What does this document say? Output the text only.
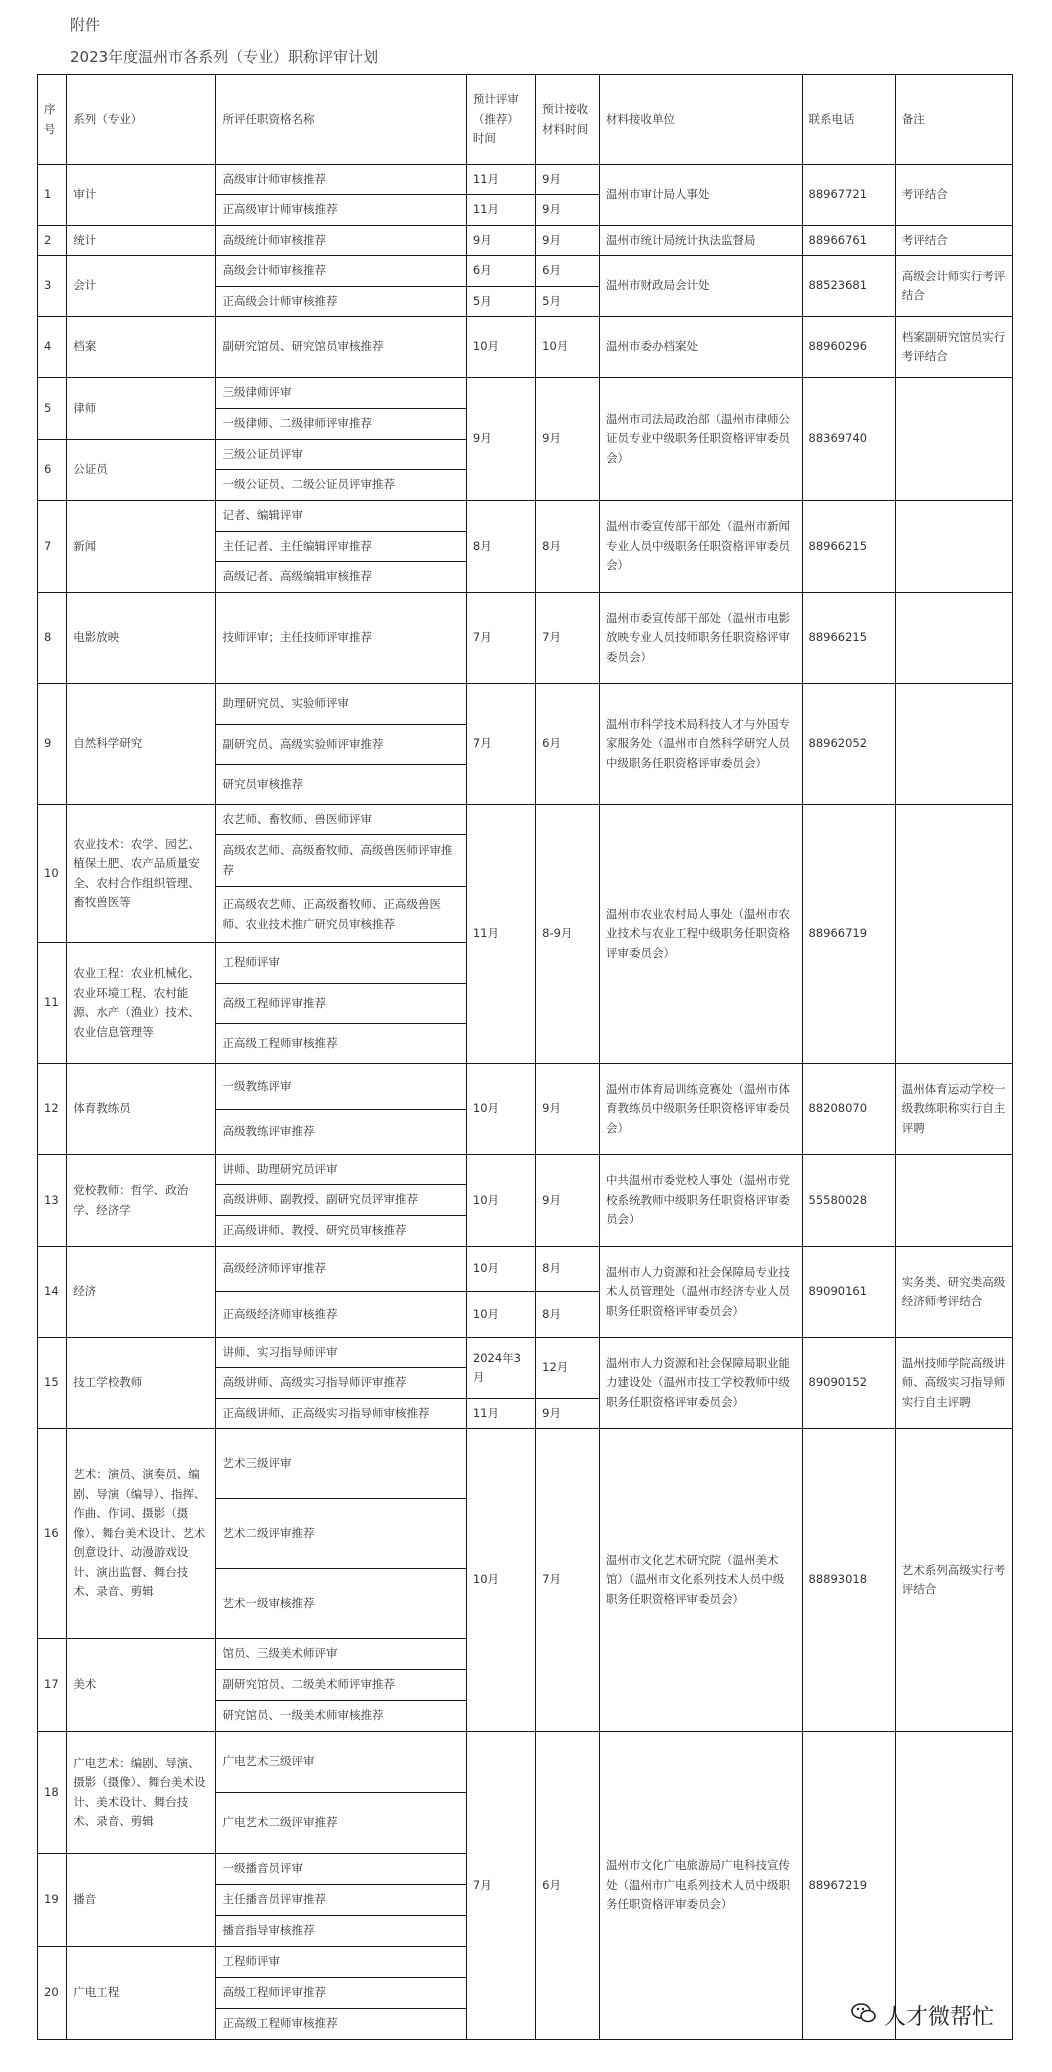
附件
2023年度温州市各系列（专业）职称评审计划
序号	系列（专业）	所评任职资格名称	预计评审（推荐）时间	预计接收材料时间	材料接收单位	联系电话	备注
1	审计	高级审计师审核推荐	11月	9月	温州市审计局人事处	88967721	考评结合
		正高级审计师审核推荐	11月	9月			
2	统计	高级统计师审核推荐	9月	9月	温州市统计局统计执法监督局	88966761	考评结合
3	会计	高级会计师审核推荐	6月	6月	温州市财政局会计处	88523681	高级会计师实行考评结合
		正高级会计师审核推荐	5月	5月			
4	档案	副研究馆员、研究馆员审核推荐	10月	10月	温州市委办档案处	88960296	档案副研究馆员实行考评结合
5	律师	三级律师评审	9月	9月	温州市司法局政治部（温州市律师公证员专业中级职务任职资格评审委员会）	88369740	
		一级律师、二级律师评审推荐					
6	公证员	三级公证员评审					
		一级公证员、二级公证员评审推荐					
7	新闻	记者、编辑评审	8月	8月	温州市委宣传部干部处（温州市新闻专业人员中级职务任职资格评审委员会）	88966215	
		主任记者、主任编辑评审推荐					
		高级记者、高级编辑审核推荐					
8	电影放映	技师评审；主任技师评审推荐	7月	7月	温州市委宣传部干部处（温州市电影放映专业人员技师职务任职资格评审委员会）	88966215	
9	自然科学研究	助理研究员、实验师评审	7月	6月	温州市科学技术局科技人才与外国专家服务处（温州市自然科学研究人员中级职务任职资格评审委员会）	88962052	
		副研究员、高级实验师评审推荐					
		研究员审核推荐					
10	农业技术：农学、园艺、植保土肥、农产品质量安全、农村合作组织管理、畜牧兽医等	农艺师、畜牧师、兽医师评审	11月	8-9月	温州市农业农村局人事处（温州市农业技术与农业工程中级职务任职资格评审委员会）	88966719	
		高级农艺师、高级畜牧师、高级兽医师评审推荐					
		正高级农艺师、正高级畜牧师、正高级兽医师、农业技术推广研究员审核推荐					
11	农业工程：农业机械化、农业环境工程、农村能源、水产（渔业）技术、农业信息管理等	工程师评审					
		高级工程师评审推荐					
		正高级工程师审核推荐					
12	体育教练员	一级教练评审	10月	9月	温州市体育局训练竞赛处（温州市体育教练员中级职务任职资格评审委员会）	88208070	温州体育运动学校一级教练职称实行自主评聘
		高级教练评审推荐					
13	党校教师：哲学、政治学、经济学	讲师、助理研究员评审	10月	9月	中共温州市委党校人事处（温州市党校系统教师中级职务任职资格评审委员会）	55580028	
		高级讲师、副教授、副研究员评审推荐					
		正高级讲师、教授、研究员审核推荐					
14	经济	高级经济师评审推荐	10月	8月	温州市人力资源和社会保障局专业技术人员管理处（温州市经济专业人员职务任职资格评审委员会）	89090161	实务类、研究类高级经济师考评结合
		正高级经济师审核推荐	10月	8月			
15	技工学校教师	讲师、实习指导师评审	2024年3月	12月	温州市人力资源和社会保障局职业能力建设处（温州市技工学校教师中级职务任职资格评审委员会）	89090152	温州技师学院高级讲师、高级实习指导师实行自主评聘
		高级讲师、高级实习指导师评审推荐					
		正高级讲师、正高级实习指导师审核推荐	11月	9月			
16	艺术：演员、演奏员、编剧、导演（编导）、指挥、作曲、作词、摄影（摄像）、舞台美术设计、艺术创意设计、动漫游戏设计、演出监督、舞台技术、录音、剪辑	艺术三级评审	10月	7月	温州市文化艺术研究院（温州美术馆）（温州市文化系列技术人员中级职务任职资格评审委员会）	88893018	艺术系列高级实行考评结合
		艺术二级评审推荐					
		艺术一级审核推荐					
17	美术	馆员、三级美术师评审					
		副研究馆员、二级美术师评审推荐					
		研究馆员、一级美术师审核推荐					
18	广电艺术：编剧、导演、摄影（摄像）、舞台美术设计、美术设计、舞台技术、录音、剪辑	广电艺术三级评审	7月	6月	温州市文化广电旅游局广电科技宣传处（温州市广电系列技术人员中级职务任职资格评审委员会）	88967219	
		广电艺术二级评审推荐					
19	播音	一级播音员评审					
		主任播音员评审推荐					
		播音指导审核推荐					
20	广电工程	工程师评审					
		高级工程师评审推荐					
		正高级工程师审核推荐						人才微帮忙
